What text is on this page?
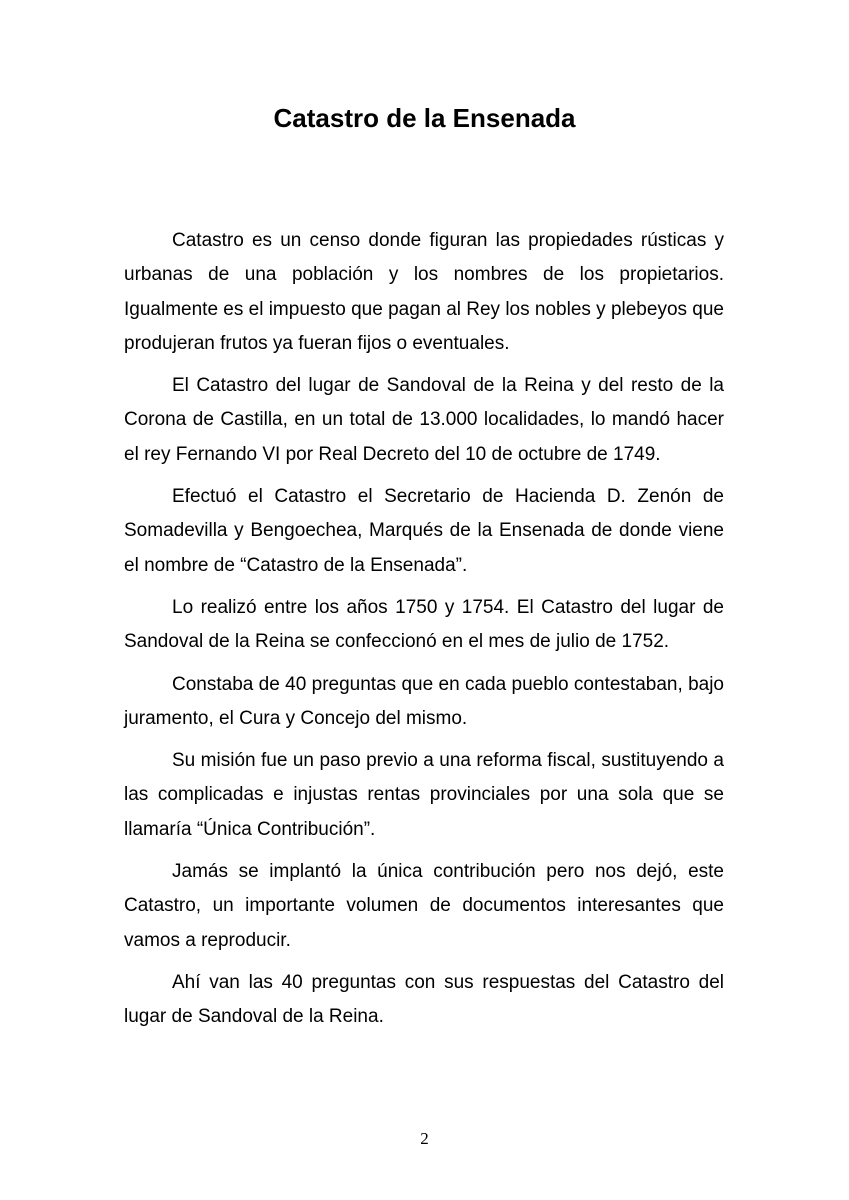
Catastro de la Ensenada

Catastro es un censo donde figuran las propiedades rústicas y urbanas de una población y los nombres de los propietarios. Igualmente es el impuesto que pagan al Rey los nobles y plebeyos que produjeran frutos ya fueran fijos o eventuales.

El Catastro del lugar de Sandoval de la Reina y del resto de la Corona de Castilla, en un total de 13.000 localidades, lo mandó hacer el rey Fernando VI por Real Decreto del 10 de octubre de 1749.

Efectuó el Catastro el Secretario de Hacienda D. Zenón de Somadevilla y Bengoechea, Marqués de la Ensenada de donde viene el nombre de “Catastro de la Ensenada”.

Lo realizó entre los años 1750 y 1754. El Catastro del lugar de Sandoval de la Reina se confeccionó en el mes de julio de 1752.

Constaba de 40 preguntas que en cada pueblo contestaban, bajo juramento, el Cura y Concejo del mismo.

Su misión fue un paso previo a una reforma fiscal, sustituyendo a las complicadas e injustas rentas provinciales por una sola que se llamaría “Única Contribución”.

Jamás se implantó la única contribución pero nos dejó, este Catastro, un importante volumen de documentos interesantes que vamos a reproducir.

Ahí van las 40 preguntas con sus respuestas del Catastro del lugar de Sandoval de la Reina.

2
